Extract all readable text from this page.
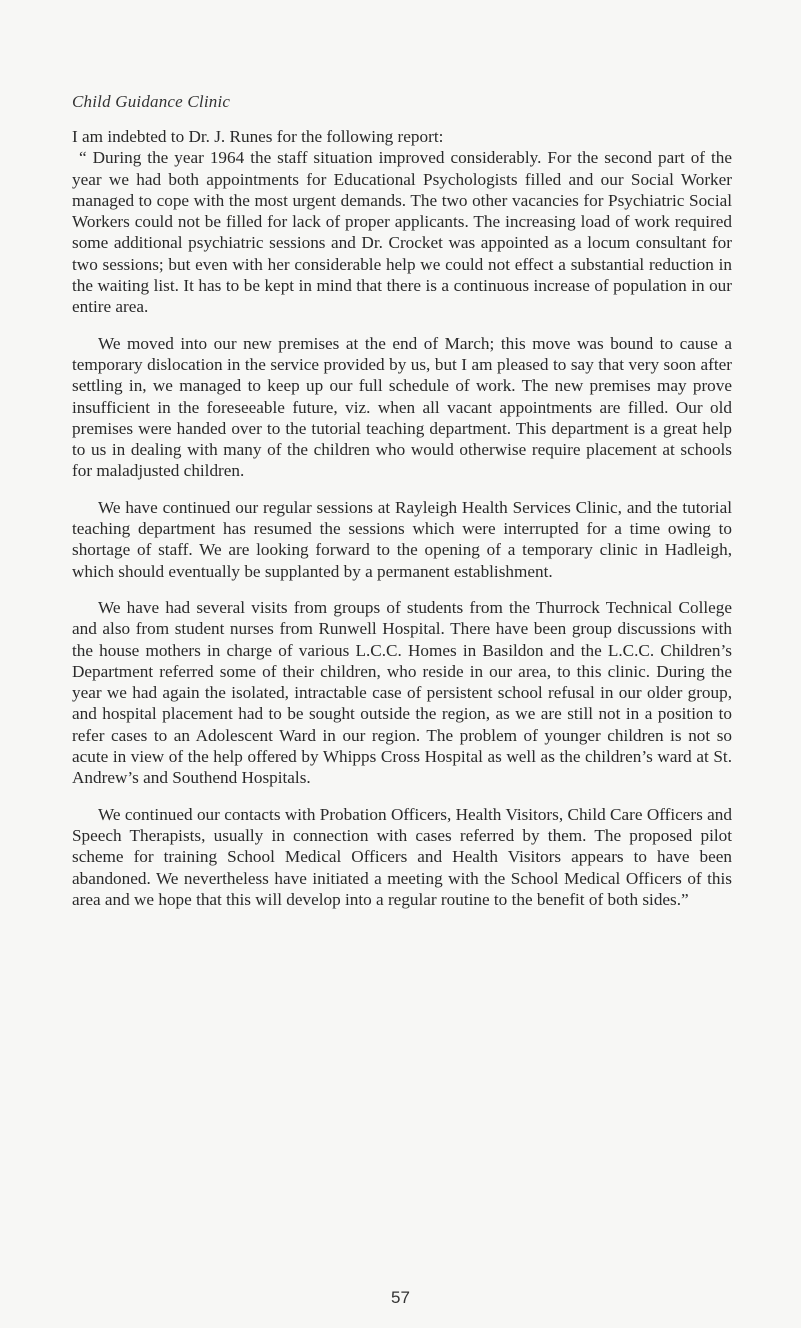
Child Guidance Clinic

I am indebted to Dr. J. Runes for the following report:

“ During the year 1964 the staff situation improved considerably. For the second part of the year we had both appointments for Educational Psychologists filled and our Social Worker managed to cope with the most urgent demands. The two other vacancies for Psychiatric Social Workers could not be filled for lack of proper applicants. The increasing load of work required some additional psychiatric sessions and Dr. Crocket was appointed as a locum consultant for two sessions; but even with her considerable help we could not effect a substantial reduction in the waiting list. It has to be kept in mind that there is a continuous increase of population in our entire area.

We moved into our new premises at the end of March; this move was bound to cause a temporary dislocation in the service provided by us, but I am pleased to say that very soon after settling in, we managed to keep up our full schedule of work. The new premises may prove insufficient in the foreseeable future, viz. when all vacant appointments are filled. Our old premises were handed over to the tutorial teaching department. This department is a great help to us in dealing with many of the children who would otherwise require placement at schools for maladjusted children.

We have continued our regular sessions at Rayleigh Health Services Clinic, and the tutorial teaching department has resumed the sessions which were interrupted for a time owing to shortage of staff. We are looking forward to the opening of a temporary clinic in Hadleigh, which should eventually be supplanted by a permanent establishment.

We have had several visits from groups of students from the Thurrock Technical College and also from student nurses from Runwell Hospital. There have been group discussions with the house mothers in charge of various L.C.C. Homes in Basildon and the L.C.C. Children’s Department referred some of their children, who reside in our area, to this clinic. During the year we had again the isolated, intractable case of persistent school refusal in our older group, and hospital placement had to be sought outside the region, as we are still not in a position to refer cases to an Adolescent Ward in our region. The problem of younger children is not so acute in view of the help offered by Whipps Cross Hospital as well as the children’s ward at St. Andrew’s and Southend Hospitals.

We continued our contacts with Probation Officers, Health Visitors, Child Care Officers and Speech Therapists, usually in connection with cases referred by them. The proposed pilot scheme for training School Medical Officers and Health Visitors appears to have been abandoned. We nevertheless have initiated a meeting with the School Medical Officers of this area and we hope that this will develop into a regular routine to the benefit of both sides.”

57
